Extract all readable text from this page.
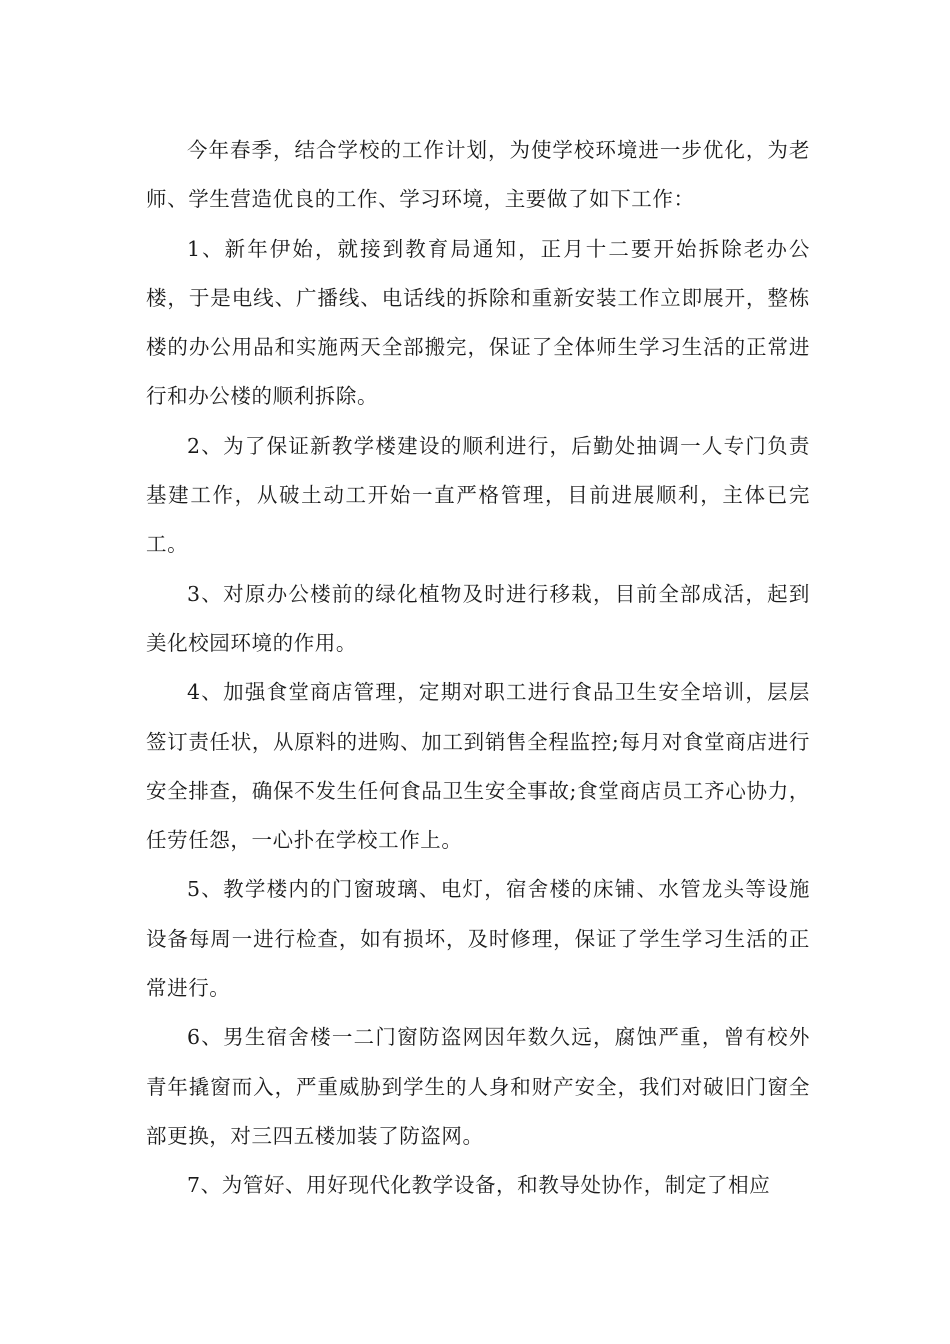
今年春季，结合学校的工作计划，为使学校环境进一步优化，为老师、学生营造优良的工作、学习环境，主要做了如下工作：

1、新年伊始，就接到教育局通知，正月十二要开始拆除老办公楼，于是电线、广播线、电话线的拆除和重新安装工作立即展开，整栋楼的办公用品和实施两天全部搬完，保证了全体师生学习生活的正常进行和办公楼的顺利拆除。

2、为了保证新教学楼建设的顺利进行，后勤处抽调一人专门负责基建工作，从破土动工开始一直严格管理，目前进展顺利，主体已完工。

3、对原办公楼前的绿化植物及时进行移栽，目前全部成活，起到美化校园环境的作用。

4、加强食堂商店管理，定期对职工进行食品卫生安全培训，层层签订责任状，从原料的进购、加工到销售全程监控;每月对食堂商店进行安全排查，确保不发生任何食品卫生安全事故;食堂商店员工齐心协力，任劳任怨，一心扑在学校工作上。

5、教学楼内的门窗玻璃、电灯，宿舍楼的床铺、水管龙头等设施设备每周一进行检查，如有损坏，及时修理，保证了学生学习生活的正常进行。

6、男生宿舍楼一二门窗防盗网因年数久远，腐蚀严重，曾有校外青年撬窗而入，严重威胁到学生的人身和财产安全，我们对破旧门窗全部更换，对三四五楼加装了防盗网。

7、为管好、用好现代化教学设备，和教导处协作，制定了相应
